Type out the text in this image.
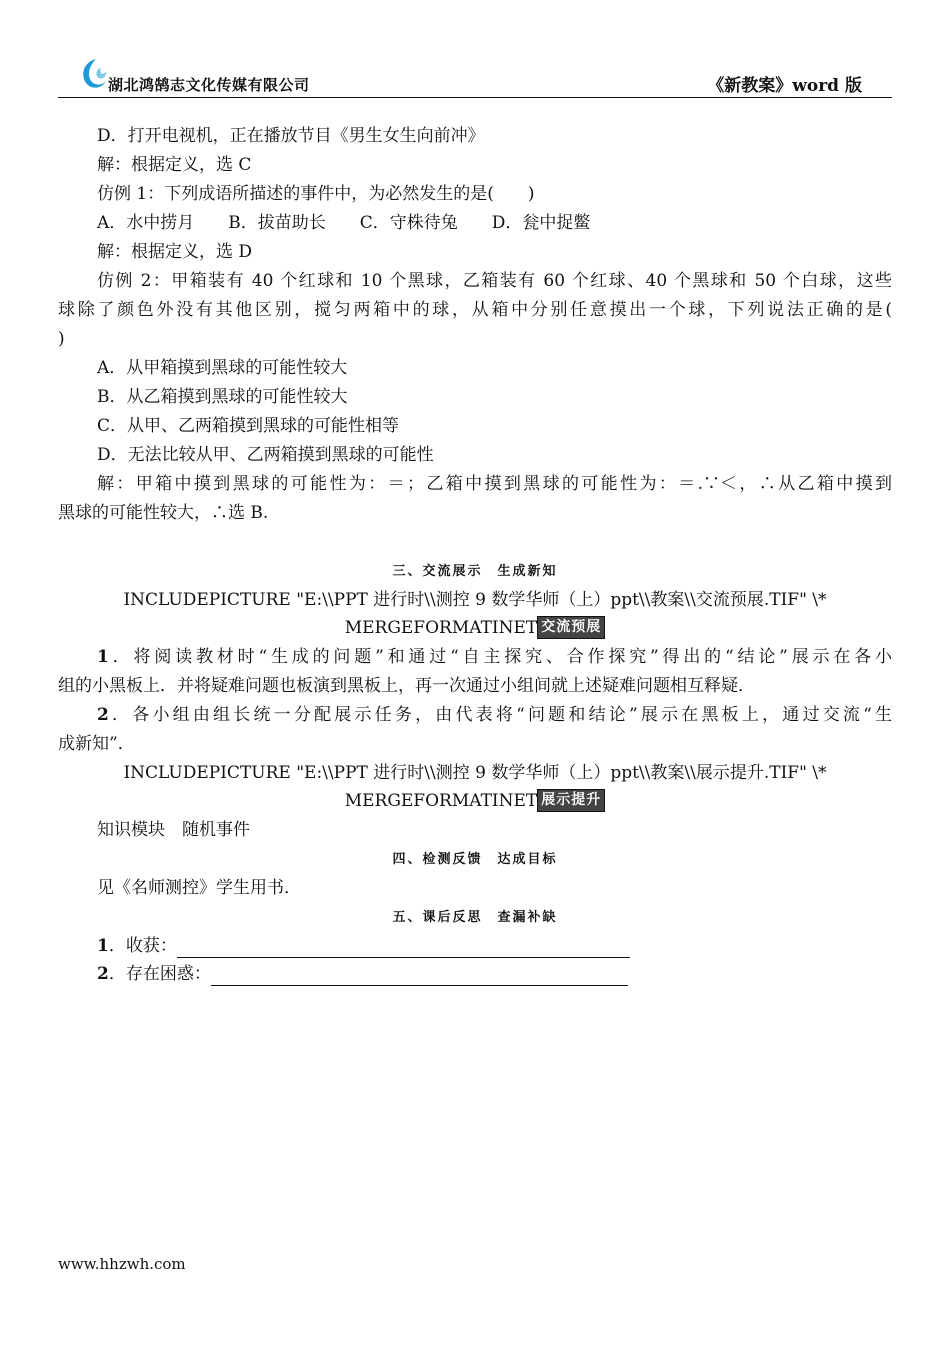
湖北鸿鹄志文化传媒有限公司	《新教案》word 版
D．打开电视机，正在播放节目《男生女生向前冲》
解：根据定义，选 C
仿例 1：下列成语所描述的事件中，为必然发生的是(　　)
A．水中捞月　　B．拔苗助长　　C．守株待兔　　D．瓮中捉鳖
解：根据定义，选 D
仿例 2：甲箱装有 40 个红球和 10 个黑球，乙箱装有 60 个红球、40 个黑球和 50 个白球，这些
球除了颜色外没有其他区别，搅匀两箱中的球，从箱中分别任意摸出一个球，下列说法正确的是(
)
A．从甲箱摸到黑球的可能性较大
B．从乙箱摸到黑球的可能性较大
C．从甲、乙两箱摸到黑球的可能性相等
D．无法比较从甲、乙两箱摸到黑球的可能性
解：甲箱中摸到黑球的可能性为：＝；乙箱中摸到黑球的可能性为：＝.∵＜，∴从乙箱中摸到
黑球的可能性较大，∴选 B.
三、交流展示　生成新知
INCLUDEPICTURE "E:\\PPT 进行时\\测控 9 数学华师（上）ppt\\教案\\交流预展.TIF" \*
MERGEFORMATINET 交流预展
1．将阅读教材时“生成的问题”和通过“自主探究、合作探究”得出的“结论”展示在各小
组的小黑板上．并将疑难问题也板演到黑板上，再一次通过小组间就上述疑难问题相互释疑．
2．各小组由组长统一分配展示任务，由代表将“问题和结论”展示在黑板上，通过交流“生
成新知”．
INCLUDEPICTURE "E:\\PPT 进行时\\测控 9 数学华师（上）ppt\\教案\\展示提升.TIF" \*
MERGEFORMATINET 展示提升
知识模块　随机事件
四、检测反馈　达成目标
见《名师测控》学生用书．
五、课后反思　查漏补缺
1．收获：
2．存在困惑：
www.hhzwh.com
